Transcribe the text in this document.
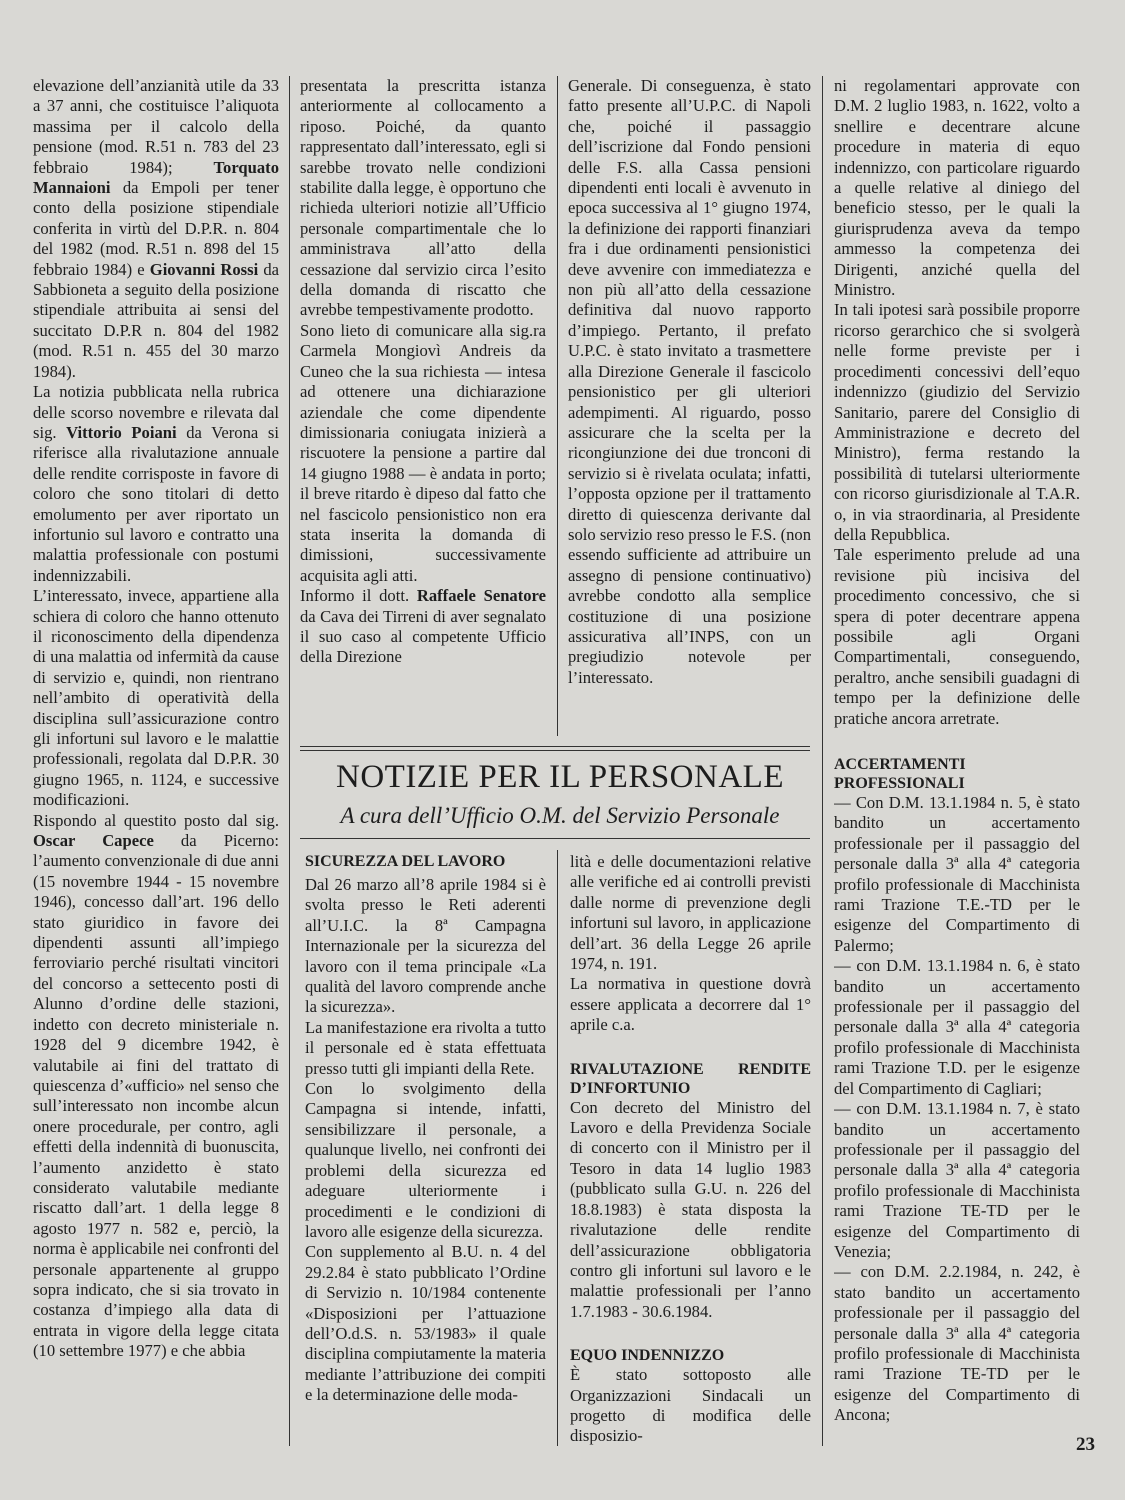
elevazione dell’anzianità utile da 33 a 37 anni, che costituisce l’aliquota massima per il calcolo della pensione (mod. R.51 n. 783 del 23 febbraio 1984); Torquato Mannaioni da Empoli per tener conto della posizione stipendiale conferita in virtù del D.P.R. n. 804 del 1982 (mod. R.51 n. 898 del 15 febbraio 1984) e Giovanni Rossi da Sabbioneta a seguito della posizione stipendiale attribuita ai sensi del succitato D.P.R n. 804 del 1982 (mod. R.51 n. 455 del 30 marzo 1984).

La notizia pubblicata nella rubrica delle scorso novembre e rilevata dal sig. Vittorio Poiani da Verona si riferisce alla rivalutazione annuale delle rendite corrisposte in favore di coloro che sono titolari di detto emolumento per aver riportato un infortunio sul lavoro e contratto una malattia professionale con postumi indennizzabili.

L’interessato, invece, appartiene alla schiera di coloro che hanno ottenuto il riconoscimento della dipendenza di una malattia od infermità da cause di servizio e, quindi, non rientrano nell’ambito di operatività della disciplina sull’assicurazione contro gli infortuni sul lavoro e le malattie professionali, regolata dal D.P.R. 30 giugno 1965, n. 1124, e successive modificazioni.

Rispondo al questito posto dal sig. Oscar Capece da Picerno: l’aumento convenzionale di due anni (15 novembre 1944 - 15 novembre 1946), concesso dall’art. 196 dello stato giuridico in favore dei dipendenti assunti all’impiego ferroviario perché risultati vincitori del concorso a settecento posti di Alunno d’ordine delle stazioni, indetto con decreto ministeriale n. 1928 del 9 dicembre 1942, è valutabile ai fini del trattato di quiescenza d’«ufficio» nel senso che sull’interessato non incombe alcun onere procedurale, per contro, agli effetti della indennità di buonuscita, l’aumento anzidetto è stato considerato valutabile mediante riscatto dall’art. 1 della legge 8 agosto 1977 n. 582 e, perciò, la norma è applicabile nei confronti del personale appartenente al gruppo sopra indicato, che si sia trovato in costanza d’impiego alla data di entrata in vigore della legge citata (10 settembre 1977) e che abbia

presentata la prescritta istanza anteriormente al collocamento a riposo. Poiché, da quanto rappresentato dall’interessato, egli si sarebbe trovato nelle condizioni stabilite dalla legge, è opportuno che richieda ulteriori notizie all’Ufficio personale compartimentale che lo amministrava all’atto della cessazione dal servizio circa l’esito della domanda di riscatto che avrebbe tempestivamente prodotto.

Sono lieto di comunicare alla sig.ra Carmela Mongiovì Andreis da Cuneo che la sua richiesta — intesa ad ottenere una dichiarazione aziendale che come dipendente dimissionaria coniugata inizierà a riscuotere la pensione a partire dal 14 giugno 1988 — è andata in porto; il breve ritardo è dipeso dal fatto che nel fascicolo pensionistico non era stata inserita la domanda di dimissioni, successivamente acquisita agli atti.

Informo il dott. Raffaele Senatore da Cava dei Tirreni di aver segnalato il suo caso al competente Ufficio della Direzione

Generale. Di conseguenza, è stato fatto presente all’U.P.C. di Napoli che, poiché il passaggio dell’iscrizione dal Fondo pensioni delle F.S. alla Cassa pensioni dipendenti enti locali è avvenuto in epoca successiva al 1° giugno 1974, la definizione dei rapporti finanziari fra i due ordinamenti pensionistici deve avvenire con immediatezza e non più all’atto della cessazione definitiva dal nuovo rapporto d’impiego. Pertanto, il prefato U.P.C. è stato invitato a trasmettere alla Direzione Generale il fascicolo pensionistico per gli ulteriori adempimenti. Al riguardo, posso assicurare che la scelta per la ricongiunzione dei due tronconi di servizio si è rivelata oculata; infatti, l’opposta opzione per il trattamento diretto di quiescenza derivante dal solo servizio reso presso le F.S. (non essendo sufficiente ad attribuire un assegno di pensione continuativo) avrebbe condotto alla semplice costituzione di una posizione assicurativa all’INPS, con un pregiudizio notevole per l’interessato.

ni regolamentari approvate con D.M. 2 luglio 1983, n. 1622, volto a snellire e decentrare alcune procedure in materia di equo indennizzo, con particolare riguardo a quelle relative al diniego del beneficio stesso, per le quali la giurisprudenza aveva da tempo ammesso la competenza dei Dirigenti, anziché quella del Ministro.

In tali ipotesi sarà possibile proporre ricorso gerarchico che si svolgerà nelle forme previste per i procedimenti concessivi dell’equo indennizzo (giudizio del Servizio Sanitario, parere del Consiglio di Amministrazione e decreto del Ministro), ferma restando la possibilità di tutelarsi ulteriormente con ricorso giurisdizionale al T.A.R. o, in via straordinaria, al Presidente della Repubblica.

Tale esperimento prelude ad una revisione più incisiva del procedimento concessivo, che si spera di poter decentrare appena possibile agli Organi Compartimentali, conseguendo, peraltro, anche sensibili guadagni di tempo per la definizione delle pratiche ancora arretrate.

ACCERTAMENTI PROFESSIONALI

— Con D.M. 13.1.1984 n. 5, è stato bandito un accertamento professionale per il passaggio del personale dalla 3ª alla 4ª categoria profilo professionale di Macchinista rami Trazione T.E.-TD per le esigenze del Compartimento di Palermo;

— con D.M. 13.1.1984 n. 6, è stato bandito un accertamento professionale per il passaggio del personale dalla 3ª alla 4ª categoria profilo professionale di Macchinista rami Trazione T.D. per le esigenze del Compartimento di Cagliari;

— con D.M. 13.1.1984 n. 7, è stato bandito un accertamento professionale per il passaggio del personale dalla 3ª alla 4ª categoria profilo professionale di Macchinista rami Trazione TE-TD per le esigenze del Compartimento di Venezia;

— con D.M. 2.2.1984, n. 242, è stato bandito un accertamento professionale per il passaggio del personale dalla 3ª alla 4ª categoria profilo professionale di Macchinista rami Trazione TE-TD per le esigenze del Compartimento di Ancona;

NOTIZIE PER IL PERSONALE
A cura dell’Ufficio O.M. del Servizio Personale

SICUREZZA DEL LAVORO

Dal 26 marzo all’8 aprile 1984 si è svolta presso le Reti aderenti all’U.I.C. la 8ª Campagna Internazionale per la sicurezza del lavoro con il tema principale «La qualità del lavoro comprende anche la sicurezza».

La manifestazione era rivolta a tutto il personale ed è stata effettuata presso tutti gli impianti della Rete.

Con lo svolgimento della Campagna si intende, infatti, sensibilizzare il personale, a qualunque livello, nei confronti dei problemi della sicurezza ed adeguare ulteriormente i procedimenti e le condizioni di lavoro alle esigenze della sicurezza.

Con supplemento al B.U. n. 4 del 29.2.84 è stato pubblicato l’Ordine di Servizio n. 10/1984 contenente «Disposizioni per l’attuazione dell’O.d.S. n. 53/1983» il quale disciplina compiutamente la materia mediante l’attribuzione dei compiti e la determinazione delle moda-

lità e delle documentazioni relative alle verifiche ed ai controlli previsti dalle norme di prevenzione degli infortuni sul lavoro, in applicazione dell’art. 36 della Legge 26 aprile 1974, n. 191.

La normativa in questione dovrà essere applicata a decorrere dal 1° aprile c.a.

RIVALUTAZIONE RENDITE D’INFORTUNIO

Con decreto del Ministro del Lavoro e della Previdenza Sociale di concerto con il Ministro per il Tesoro in data 14 luglio 1983 (pubblicato sulla G.U. n. 226 del 18.8.1983) è stata disposta la rivalutazione delle rendite dell’assicurazione obbligatoria contro gli infortuni sul lavoro e le malattie professionali per l’anno 1.7.1983 - 30.6.1984.

EQUO INDENNIZZO

È stato sottoposto alle Organizzazioni Sindacali un progetto di modifica delle disposizio-	23
